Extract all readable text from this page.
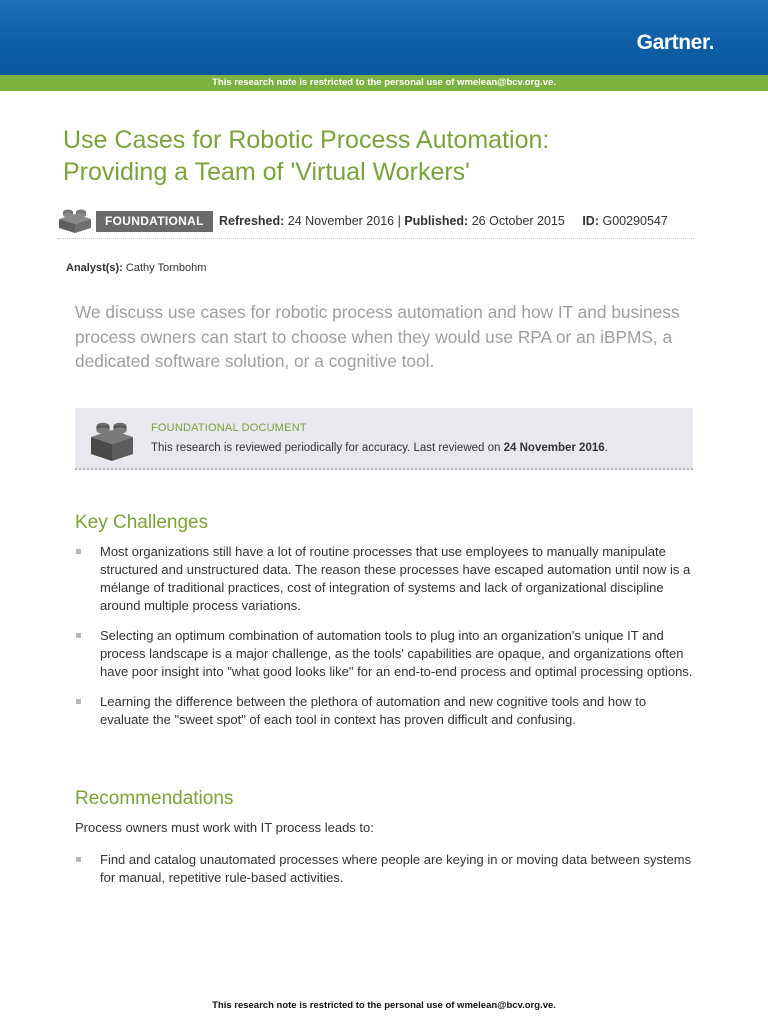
Gartner.
This research note is restricted to the personal use of wmelean@bcv.org.ve.
Use Cases for Robotic Process Automation:
Providing a Team of 'Virtual Workers'
FOUNDATIONAL	Refreshed: 24 November 2016 | Published: 26 October 2015 ID: G00290547
Analyst(s): Cathy Tornbohm

We discuss use cases for robotic process automation and how IT and business process owners can start to choose when they would use RPA or an iBPMS, a dedicated software solution, or a cognitive tool.

FOUNDATIONAL DOCUMENT
This research is reviewed periodically for accuracy. Last reviewed on 24 November 2016.
Key Challenges
Most organizations still have a lot of routine processes that use employees to manually manipulate structured and unstructured data. The reason these processes have escaped automation until now is a mélange of traditional practices, cost of integration of systems and lack of organizational discipline around multiple process variations.
Selecting an optimum combination of automation tools to plug into an organization's unique IT and process landscape is a major challenge, as the tools' capabilities are opaque, and organizations often have poor insight into "what good looks like" for an end-to-end process and optimal processing options.
Learning the difference between the plethora of automation and new cognitive tools and how to evaluate the "sweet spot" of each tool in context has proven difficult and confusing.
Recommendations

Process owners must work with IT process leads to:

Find and catalog unautomated processes where people are keying in or moving data between systems for manual, repetitive rule-based activities.
This research note is restricted to the personal use of wmelean@bcv.org.ve.
